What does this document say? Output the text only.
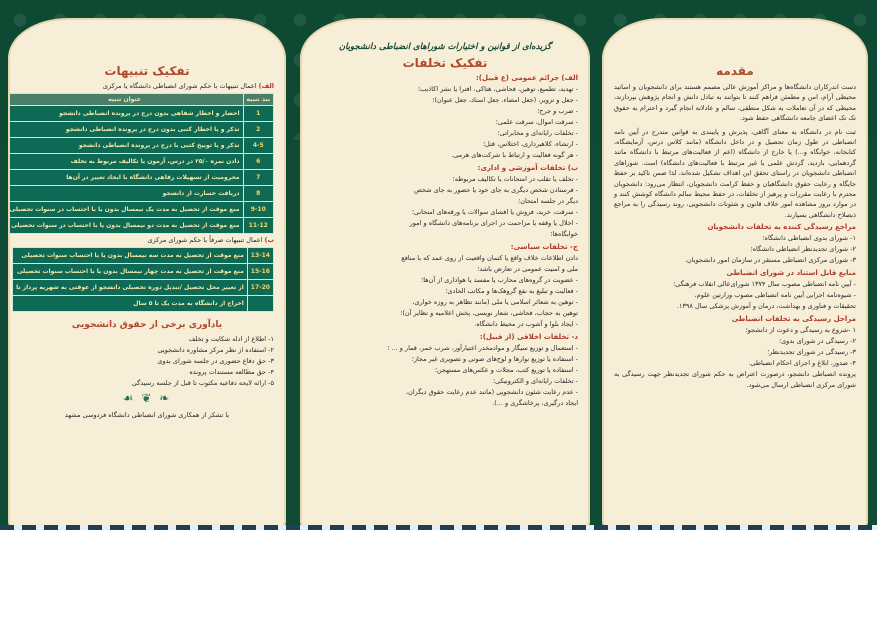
تفکیک تنبیهات
الف) اعمال تنبیهات با حکم شورای انضباطی دانشگاه یا مرکزی
بند تنبیه	عنوان تنبیه
1	احضار و اخطار شفاهی بدون درج در پرونده انضباطی دانشجو
2	تذکر و یا اخطار کتبی بدون درج در پرونده انضباطی دانشجو
4-5	تذکر و یا توبیخ کتبی با درج در پرونده انضباطی دانشجو
6	دادن نمره ۲۵/۰ در درس، آزمون یا تکالیف مربوط به تخلف
7	محرومیت از تسهیلات رفاهی دانشگاه با ایجاد تغییر در آن‌ها
8	دریافت خسارت از دانشجو
9-10	منع موقت از تحصیل به مدت یک نیمسال بدون یا با احتساب در سنوات تحصیلی
11-12	منع موقت از تحصیل به مدت دو نیمسال بدون یا با احتساب در سنوات تحصیلی
ب) اعمال تنبیهات صرفاً با حکم شورای مرکزی
13-14	منع موقت از تحصیل به مدت سه نیمسال بدون یا با احتساب سنوات تحصیلی
15-16	منع موقت از تحصیل به مدت چهار نیمسال بدون یا با احتساب سنوات تحصیلی
17-20	از تغییر محل تحصیل /تبدیل دوره تحصیلی دانشجو از عوقتی به شهریه پرداز تا
	اخراج از دانشگاه به مدت یک تا ۵ سال
یادآوری برخی از حقوق دانشجویی
۱- اطلاع از ادله شکایت و تخلف
۲- استفاده از نظر مرکز مشاوره دانشجویی
۳- حق دفاع حضوری در جلسه شورای بدوی
۴- حق مطالعه مستندات پرونده
۵- ارائه لایحه دفاعیه مکتوب تا قبل از جلسه رسیدگی
❧ ❦ ☙
با تشکر از همکاری شورای انضباطی دانشگاه فردوسی مشهد
گزیده‌ای از قوانین و اختیارات شوراهای انضباطی دانشجویان
تفکیک تخلفات
الف) جرائم عمومی (ع قبیل):
- تهدید، تطمیع، توهین، فحاشی، هتاکی، افترا یا نشر اکاذیب؛
- جعل و تزویر، (جعل امضاء، جعل اسناد، جعل عنوان)؛
- ضرب و جرح؛
- سرقت اموال، سرقت علمی؛
- تخلفات رایانه‌ای و مخابراتی؛
- ارتشاء، کلاهبرداری، اختلاس، قتل؛
- هر گونه فعالیت و ارتباط با شرکت‌های هرمی.
ب) تخلفات آموزشی و اداری:
- تخلف یا تقلب در امتحانات یا تکالیف مربوطه؛
- فرستادن شخص دیگری به جای خود یا حضور به جای شخص
دیگر در جلسه امتحان؛
- سرقت، خرید، فروش یا افشای سوالات یا ورقه‌های امتحانی؛
- اخلال یا وقفه یا مزاحمت در اجرای برنامه‌های دانشگاه و امور
خوابگاه‌ها؛
ج- تخلفات سیاسی:
دادن اطلاعات خلاف واقع یا کتمان واقعیت از روی عمد که با منافع
ملی و امنیت عمومی در تعارض باشد؛
- عضویت در گروه‌های محارب یا مفسد یا هواداری از آن‌ها؛
- فعالیت و تبلیغ به نفع گروهک‌ها و مکاتب الحادی؛
- توهین به شعائر اسلامی یا ملی (مانند تظاهر به روزه خواری،
توهین به حجاب، فحاشی، شعار نویسی، پخش اعلامیه و نظایر آن)؛
- ایجاد بلوا و آشوب در محیط دانشگاه.
د- تخلفات اخلاقی (از قبیل):
- استعمال و توزیع سیگار و موادمخدر اعتیارآور، شرب خمر، قمار و ... ؛
- استفاده یا توزیع نوارها و لوح‌های صوتی و تصویری غیر مجاز؛
- استفاده یا توزیع کتب، مجلات و عکس‌های مستهجن؛
- تخلفات رایانه‌ای و الکترونیکی؛
- عدم رعایت شئون دانشجویی (مانند عدم رعایت حقوق دیگران،
ایجاد درگیری، پرخاشگری و ...).
مقدمه
دست اندرکاران دانشگاه‌ها و مراکز آموزش عالی مصمم هستند برای دانشجویان و اساتید محیطی آرام، امن و مطمئن فراهم کنند تا بتوانند به تبادل دانش و انجام پژوهش بپردازند، محیطی که در آن تعاملات به شکل منطقی، سالم و عادلانه انجام گیرد و احترام به حقوق تک تک اعضای جامعه دانشگاهی حفظ شود.
ثبت نام در دانشگاه به معنای آگاهی، پذیرش و پایبندی به قوانین مندرج در آیین نامه انضباطی در طول زمان تحصیل و در داخل دانشگاه (مانند کلاس درس، آزمایشگاه، کتابخانه، خوابگاه و...) یا خارج از دانشگاه (اعم از فعالیت‌های مرتبط با دانشگاه مانند گردهمایی، بازدید، گردش علمی یا غیر مرتبط با فعالیت‌های دانشگاه) است. شوراهای انضباطی دانشجویان در راستای تحقق این اهداف تشکیل شده‌اند، لذا ضمن تاکید بر حفظ جایگاه و رعایت حقوق دانشگاهیان و حفظ کرامت دانشجویان، انتظار می‌رود: دانشجویان محترم با رعایت مقررات و پرهیز از تخلفات، در حفظ محیط سالم دانشگاه کوشش کنند و در موارد بروز مشاهده امور خلاف قانون و شئونات دانشجویی، روند رسیدگی را به مراجع ذیصلاح دانشگاهی بسپارند.
مراجع رسیدگی کننده به تخلفات دانشجویان
۱- شورای بدوی انضباطی دانشگاه؛
۲- شورای تجدیدنظر انضباطی دانشگاه؛
۳- شورای مرکزی انضباطی مستقر در سازمان امور دانشجویان.
منابع قابل استناد در شورای انضباطی
- آیین نامه انضباطی مصوب سال ۱۳۷۴ شورای‌عالی انقلاب فرهنگی؛
- شیوه‌نامه اجرایی آیین نامه انضباطی مصوب وزارتین علوم،
تحقیقات و فناوری و بهداشت، درمان و آموزش پزشکی سال ۱۳۹۸.
مراحل رسیدگی به تخلفات انضباطی
۱ -شروع به رسیدگی و دعوت از دانشجو؛
۲- رسیدگی در شورای بدوی؛
۳- رسیدگی در شورای تجدیدنظر؛
۴- صدور، ابلاغ و اجرای احکام انضباطی.
پرونده انضباطی دانشجو، درصورت اعتراض به حکم شورای تجدیدنظر جهت رسیدگی به شورای مرکزی انضباطی ارسال می‌شود.
